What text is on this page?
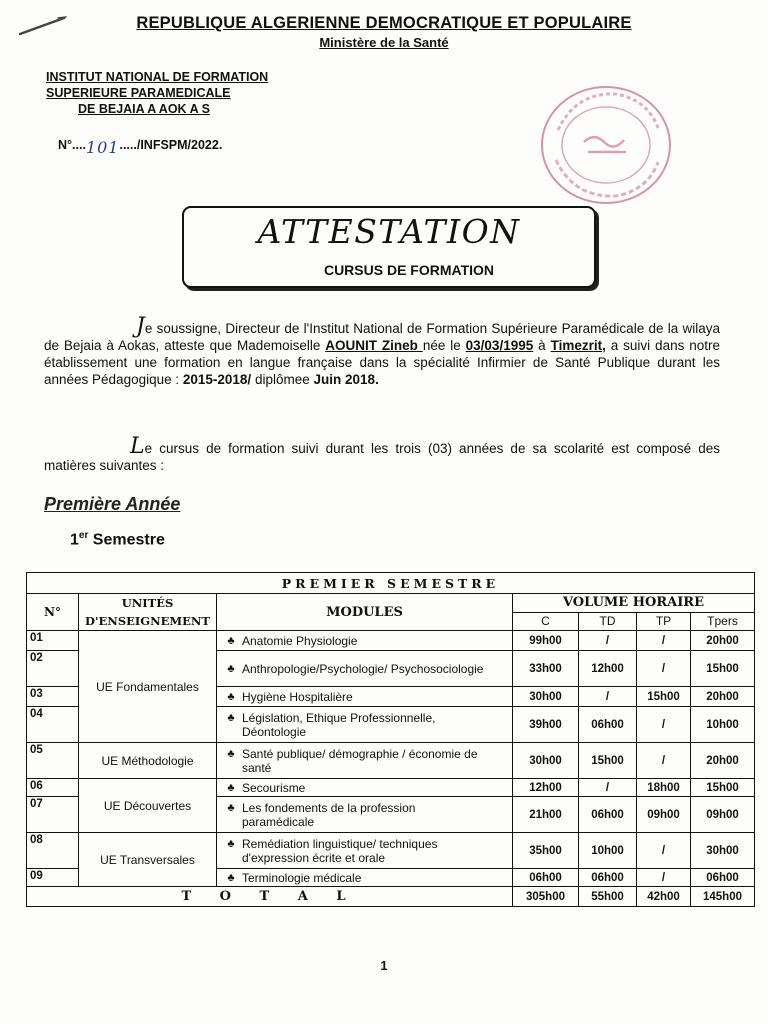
REPUBLIQUE ALGERIENNE DEMOCRATIQUE ET POPULAIRE
Ministère de la Santé
INSTITUT NATIONAL DE FORMATION
SUPERIEURE PARAMEDICALE
DE BEJAIA A AOK A S
N°....101...../INFSPM/2022.
ATTESTATION
CURSUS DE FORMATION
Je soussigne, Directeur de l'Institut National de Formation Supérieure Paramédicale de la wilaya de Bejaia à Aokas, atteste que Mademoiselle AOUNIT Zineb née le 03/03/1995 à Timezrit, a suivi dans notre établissement une formation en langue française dans la spécialité Infirmier de Santé Publique durant les années Pédagogique : 2015-2018/ diplômee Juin 2018.
Le cursus de formation suivi durant les trois (03) années de sa scolarité est composé des matières suivantes :
Première Année
1er Semestre
PREMIER SEMESTRE						
N°	UNITÉS D'ENSEIGNEMENT	MODULES	VOLUME HORAIRE			
			C	TD	TP	Tpers
01	UE Fondamentales	♣ Anatomie Physiologie	99h00	/	/	20h00
02		♣ Anthropologie/Psychologie/ Psychosociologie	33h00	12h00	/	15h00
03		♣ Hygiène Hospitalière	30h00	/	15h00	20h00
04		♣ Législation, Ethique Professionnelle, Déontologie	39h00	06h00	/	10h00
05	UE Méthodologie	♣ Santé publique/ démographie / économie de santé	30h00	15h00	/	20h00
06	UE Découvertes	♣ Secourisme	12h00	/	18h00	15h00
07		♣ Les fondements de la profession paramédicale	21h00	06h00	09h00	09h00
08	UE Transversales	♣ Remédiation linguistique/ techniques d'expression écrite et orale	35h00	10h00	/	30h00
09		♣ Terminologie médicale	06h00	06h00	/	06h00
T O T A L			305h00	55h00	42h00	145h00
1
